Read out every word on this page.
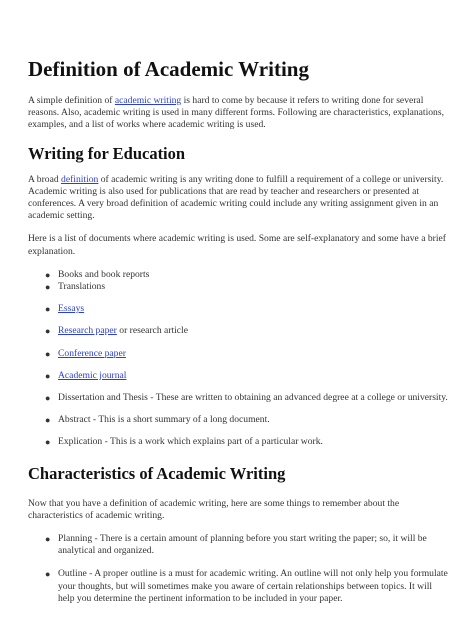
Definition of Academic Writing

A simple definition of academic writing is hard to come by because it refers to writing done for several reasons. Also, academic writing is used in many different forms. Following are characteristics, explanations, examples, and a list of works where academic writing is used.

Writing for Education

A broad definition of academic writing is any writing done to fulfill a requirement of a college or university. Academic writing is also used for publications that are read by teacher and researchers or presented at conferences. A very broad definition of academic writing could include any writing assignment given in an academic setting.

Here is a list of documents where academic writing is used. Some are self-explanatory and some have a brief explanation.

● Books and book reports
● Translations
● Essays
● Research paper or research article
● Conference paper
● Academic journal
● Dissertation and Thesis - These are written to obtaining an advanced degree at a college or university.
● Abstract - This is a short summary of a long document.
● Explication - This is a work which explains part of a particular work.
Characteristics of Academic Writing

Now that you have a definition of academic writing, here are some things to remember about the characteristics of academic writing.

● Planning - There is a certain amount of planning before you start writing the paper; so, it will be analytical and organized.
● Outline - A proper outline is a must for academic writing. An outline will not only help you formulate your thoughts, but will sometimes make you aware of certain relationships between topics. It will help you determine the pertinent information to be included in your paper.
